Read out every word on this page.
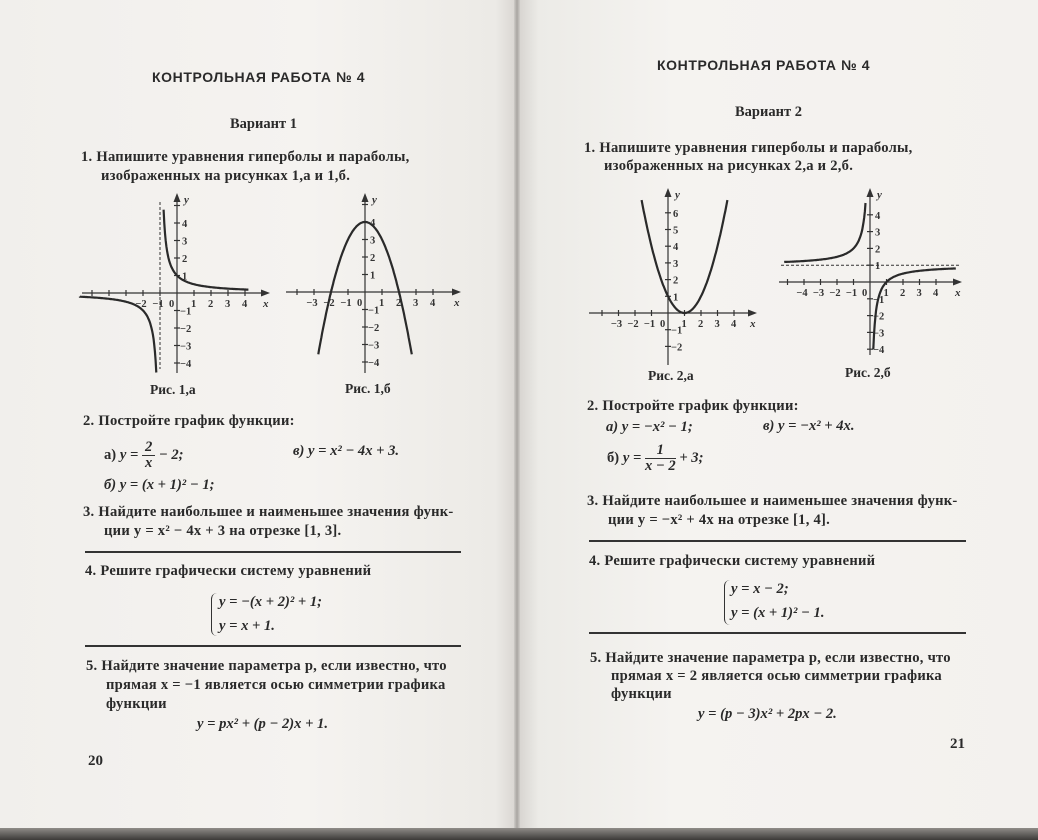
КОНТРОЛЬНАЯ РАБОТА № 4
Вариант 1
1. Напишите уравнения гиперболы и параболы,
изображенных на рисунках 1,а и 1,б.
x
y
−2 −1 0 1 2 3 4
4
3
2
1
−1
−2
−3
−4
x
y
−3 −2 −1 0 1 2 3 4
4
3
2
1
−1
−2
−3
−4
Рис. 1,а	Рис. 1,б
2. Постройте график функции:
а) $y = \frac{2}{x} - 2$;	в) y = x² − 4x + 3.
б) y = (x + 1)² − 1;
3. Найдите наибольшее и наименьшее значения функ-
ции y = x² − 4x + 3 на отрезке [1, 3].
4. Решите графически систему уравнений
y = −(x + 2)² + 1;
y = x + 1.
5. Найдите значение параметра p, если известно, что
прямая x = −1 является осью симметрии графика
функции
y = px² + (p − 2)x + 1.
20
КОНТРОЛЬНАЯ РАБОТА № 4
Вариант 2
1. Напишите уравнения гиперболы и параболы,
изображенных на рисунках 2,а и 2,б.
x
y
−3 −2 −1 0 1 2 3 4
6
5
4
3
2
1
−1
−2
x
y
−4 −3 −2 −1 0 1 2 3 4
4
3
2
1
−1
−2
−3
−4
Рис. 2,а	Рис. 2,б
2. Постройте график функции:
а) y = −x² − 1;	в) y = −x² + 4x.
б) $y = \frac{1}{x - 2} + 3$;
3. Найдите наибольшее и наименьшее значения функ-
ции y = −x² + 4x на отрезке [1, 4].
4. Решите графически систему уравнений
y = x − 2;
y = (x + 1)² − 1.
5. Найдите значение параметра p, если известно, что
прямая x = 2 является осью симметрии графика
функции
y = (p − 3)x² + 2px − 2.
21
